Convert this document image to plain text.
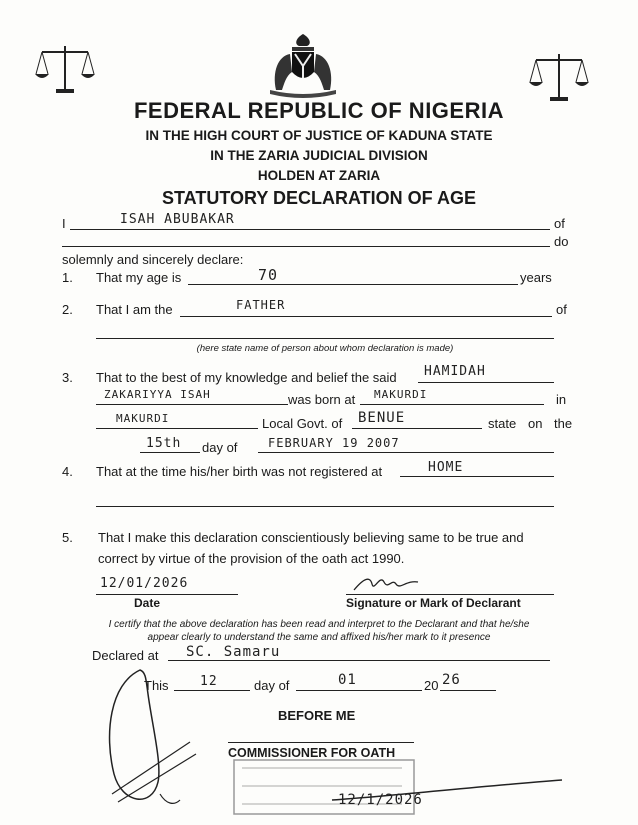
FEDERAL REPUBLIC OF NIGERIA
IN THE HIGH COURT OF JUSTICE OF KADUNA STATE
IN THE ZARIA JUDICIAL DIVISION
HOLDEN AT ZARIA
STATUTORY DECLARATION OF AGE
I	ISAH ABUBAKAR	of
do
solemnly and sincerely declare:
1. That my age is	70	years
2. That I am the	FATHER	of
(here state name of person about whom declaration is made)
3. That to the best of my knowledge and belief the said HAMIDAH
ZAKARIYYA ISAH	was born at MAKURDI	in
MAKURDI	Local Govt. of BENUE	state on the
15th day of	FEBRUARY 19 2007
4. That at the time his/her birth was not registered at	HOME
5. That I make this declaration conscientiously believing same to be true and
correct by virtue of the provision of the oath act 1990.
12/01/2026
Date	Signature or Mark of Declarant
I certify that the above declaration has been read and interpret to the Declarant and that he/she
appear clearly to understand the same and affixed his/her mark to it presence
Declared at SC. Samaru
This 12	day of	01	20 26
BEFORE ME
COMMISSIONER FOR OATH
12/1/2026
